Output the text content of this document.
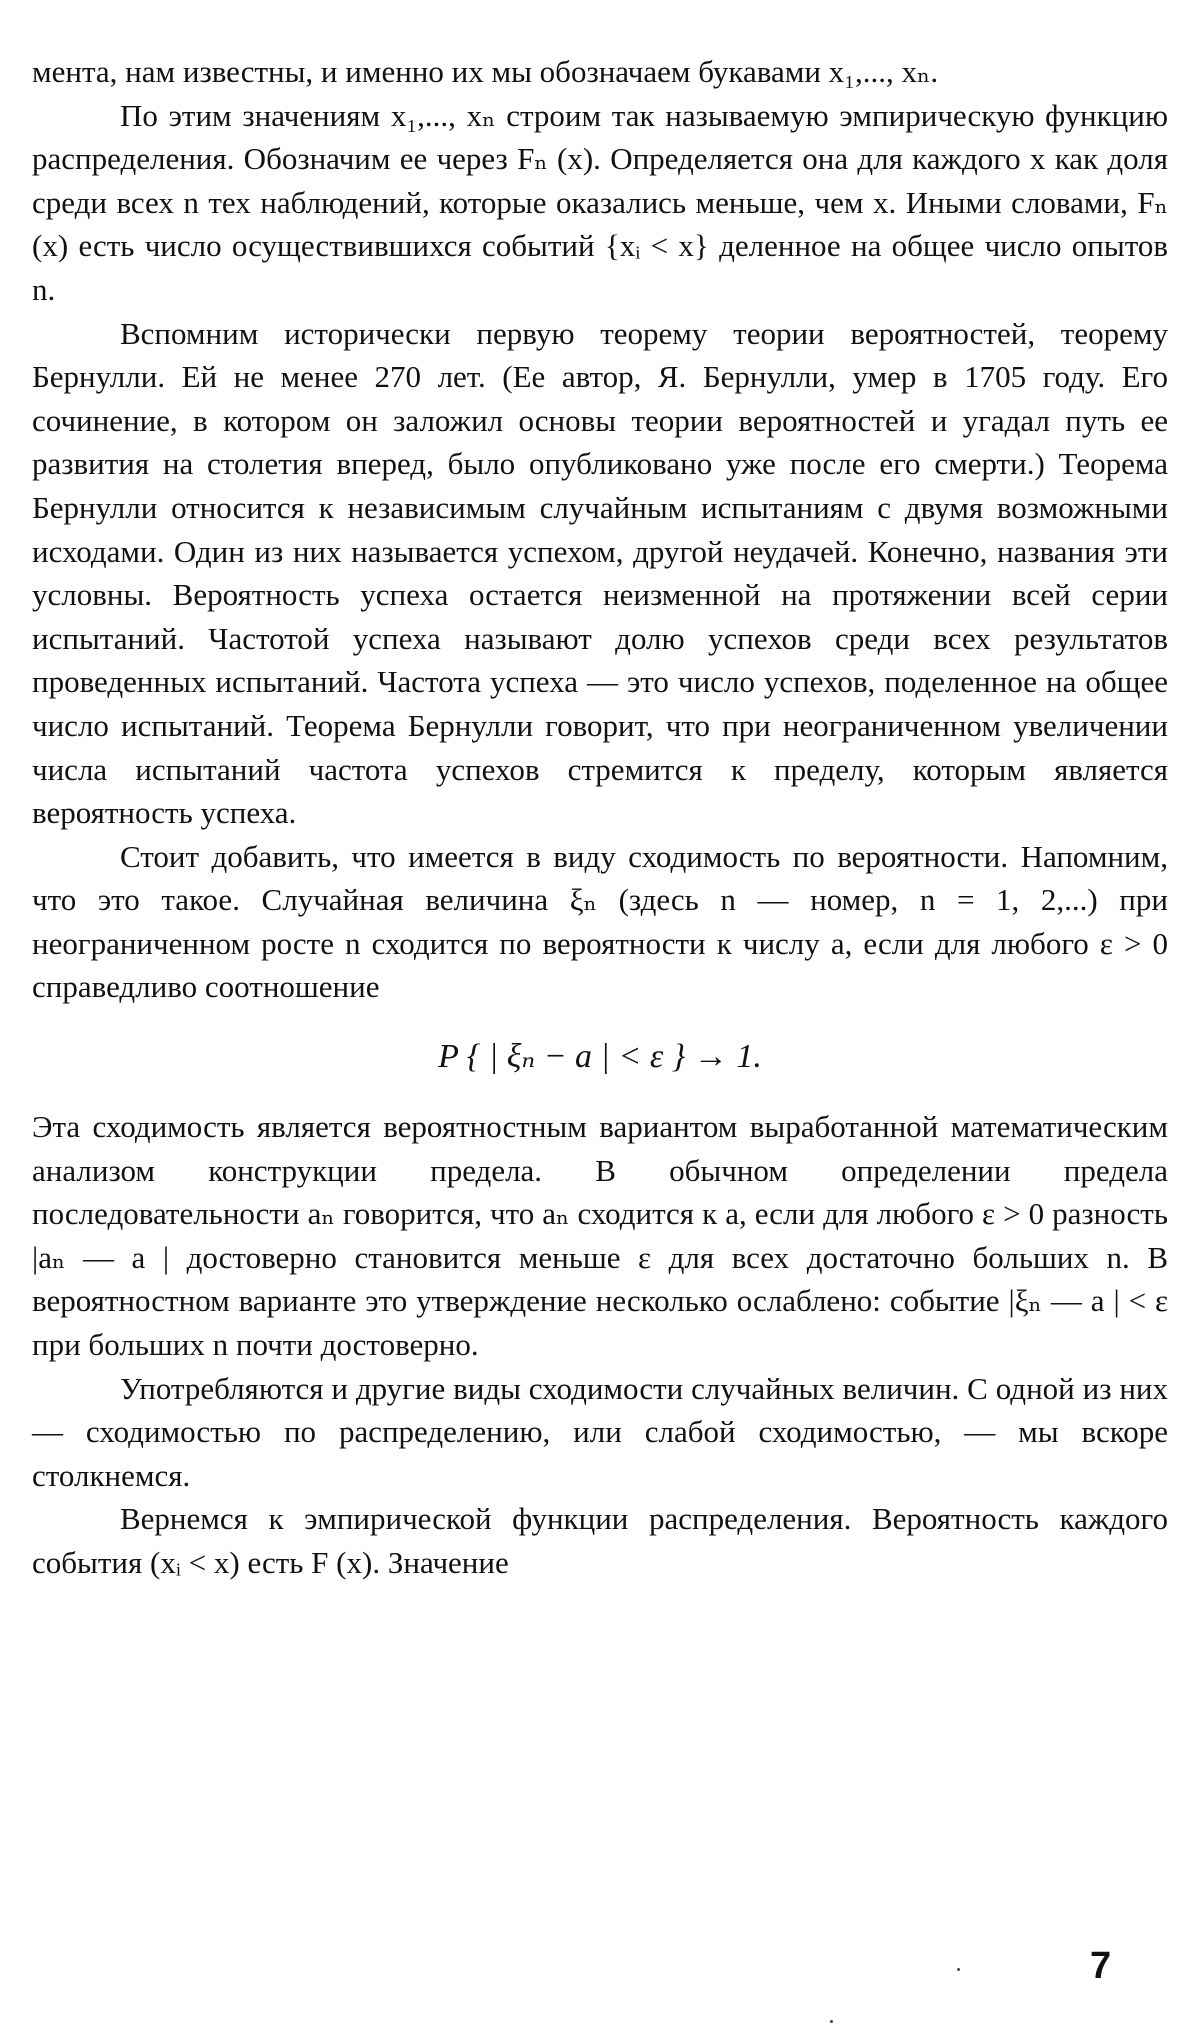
мента, нам известны, и именно их мы обозначаем букавами x₁,..., xₙ.

По этим значениям x₁,..., xₙ строим так называемую эмпирическую функцию распределения. Обозначим ее через Fₙ (x). Определяется она для каждого x как доля среди всех n тех наблюдений, которые оказались меньше, чем x. Иными словами, Fₙ (x) есть число осуществившихся событий {xᵢ < x} деленное на общее число опытов n.

Вспомним исторически первую теорему теории вероятностей, теорему Бернулли. Ей не менее 270 лет. (Ее автор, Я. Бернулли, умер в 1705 году. Его сочинение, в котором он заложил основы теории вероятностей и угадал путь ее развития на столетия вперед, было опубликовано уже после его смерти.) Теорема Бернулли относится к независимым случайным испытаниям с двумя возможными исходами. Один из них называется успехом, другой неудачей. Конечно, названия эти условны. Вероятность успеха остается неизменной на протяжении всей серии испытаний. Частотой успеха называют долю успехов среди всех результатов проведенных испытаний. Частота успеха — это число успехов, поделенное на общее число испытаний. Теорема Бернулли говорит, что при неограниченном увеличении числа испытаний частота успехов стремится к пределу, которым является вероятность успеха.

Стоит добавить, что имеется в виду сходимость по вероятности. Напомним, что это такое. Случайная величина ξₙ (здесь n — номер, n = 1, 2,...) при неограниченном росте n сходится по вероятности к числу a, если для любого ε > 0 справедливо соотношение

P { | ξₙ − a | < ε } → 1.

Эта сходимость является вероятностным вариантом выработанной математическим анализом конструкции предела. В обычном определении предела последовательности aₙ говорится, что aₙ сходится к a, если для любого ε > 0 разность |aₙ — a | достоверно становится меньше ε для всех достаточно больших n. В вероятностном варианте это утверждение несколько ослаблено: событие |ξₙ — a | < ε при больших n почти достоверно.

Употребляются и другие виды сходимости случайных величин. С одной из них — сходимостью по распределению, или слабой сходимостью, — мы вскоре столкнемся.

Вернемся к эмпирической функции распределения. Вероятность каждого события (xᵢ < x) есть F (x). Значение

7
